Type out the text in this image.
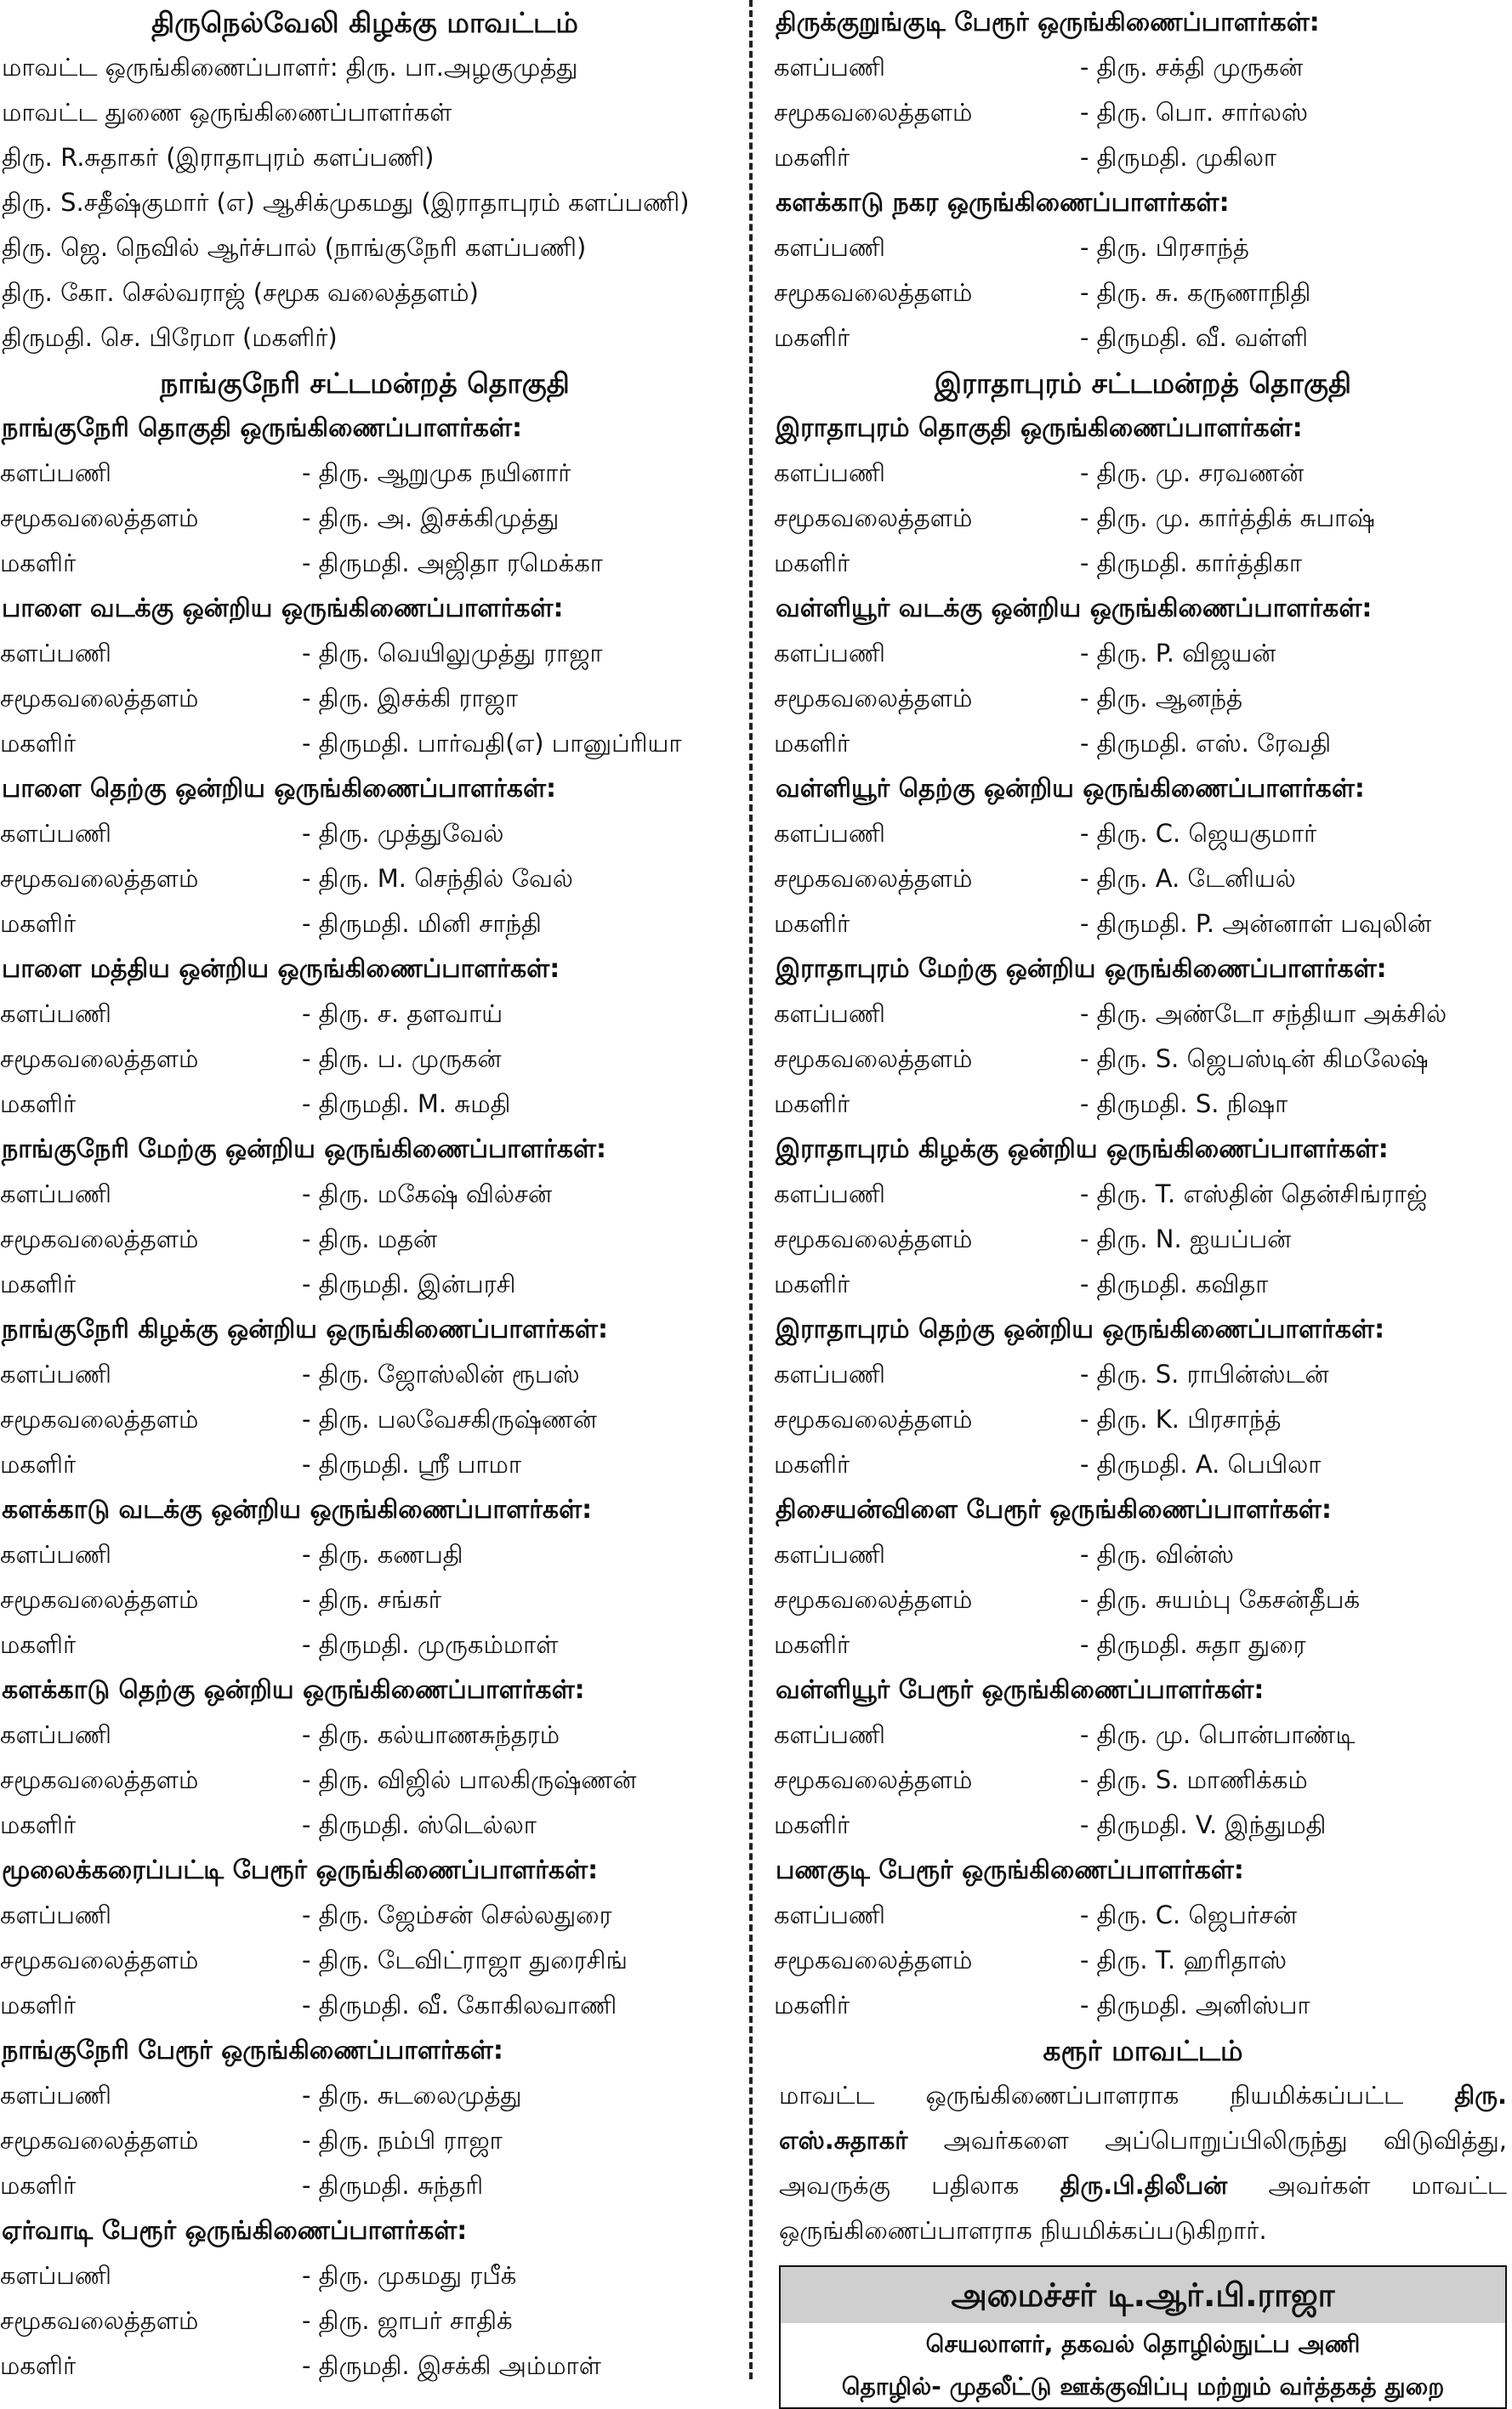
திருநெல்வேலி கிழக்கு மாவட்டம்
மாவட்ட ஒருங்கிணைப்பாளர்: திரு. பா.அழகுமுத்து
மாவட்ட துணை ஒருங்கிணைப்பாளர்கள்
திரு. R.சுதாகர் (இராதாபுரம் களப்பணி)
திரு. S.சதீஷ்குமார் (எ) ஆசிக்முகமது (இராதாபுரம் களப்பணி)
திரு. ஜெ. நெவில் ஆர்ச்பால் (நாங்குநேரி களப்பணி)
திரு. கோ. செல்வராஜ் (சமூக வலைத்தளம்)
திருமதி. செ. பிரேமா (மகளிர்)
நாங்குநேரி சட்டமன்றத் தொகுதி
நாங்குநேரி தொகுதி ஒருங்கிணைப்பாளர்கள்:
களப்பணி	- திரு. ஆறுமுக நயினார்
சமூகவலைத்தளம்	- திரு. அ. இசக்கிமுத்து
மகளிர்	- திருமதி. அஜிதா ரமெக்கா
பாளை வடக்கு ஒன்றிய ஒருங்கிணைப்பாளர்கள்:
களப்பணி	- திரு. வெயிலுமுத்து ராஜா
சமூகவலைத்தளம்	- திரு. இசக்கி ராஜா
மகளிர்	- திருமதி. பார்வதி(எ) பானுப்ரியா
பாளை தெற்கு ஒன்றிய ஒருங்கிணைப்பாளர்கள்:
களப்பணி	- திரு. முத்துவேல்
சமூகவலைத்தளம்	- திரு. M. செந்தில் வேல்
மகளிர்	- திருமதி. மினி சாந்தி
பாளை மத்திய ஒன்றிய ஒருங்கிணைப்பாளர்கள்:
களப்பணி	- திரு. ச. தளவாய்
சமூகவலைத்தளம்	- திரு. ப. முருகன்
மகளிர்	- திருமதி. M. சுமதி
நாங்குநேரி மேற்கு ஒன்றிய ஒருங்கிணைப்பாளர்கள்:
களப்பணி	- திரு. மகேஷ் வில்சன்
சமூகவலைத்தளம்	- திரு. மதன்
மகளிர்	- திருமதி. இன்பரசி
நாங்குநேரி கிழக்கு ஒன்றிய ஒருங்கிணைப்பாளர்கள்:
களப்பணி	- திரு. ஜோஸ்லின் ரூபஸ்
சமூகவலைத்தளம்	- திரு. பலவேசகிருஷ்ணன்
மகளிர்	- திருமதி. ஸ்ரீ பாமா
களக்காடு வடக்கு ஒன்றிய ஒருங்கிணைப்பாளர்கள்:
களப்பணி	- திரு. கணபதி
சமூகவலைத்தளம்	- திரு. சங்கர்
மகளிர்	- திருமதி. முருகம்மாள்
களக்காடு தெற்கு ஒன்றிய ஒருங்கிணைப்பாளர்கள்:
களப்பணி	- திரு. கல்யாணசுந்தரம்
சமூகவலைத்தளம்	- திரு. விஜில் பாலகிருஷ்ணன்
மகளிர்	- திருமதி. ஸ்டெல்லா
மூலைக்கரைப்பட்டி பேரூர் ஒருங்கிணைப்பாளர்கள்:
களப்பணி	- திரு. ஜேம்சன் செல்லதுரை
சமூகவலைத்தளம்	- திரு. டேவிட்ராஜா துரைசிங்
மகளிர்	- திருமதி. வீ. கோகிலவாணி
நாங்குநேரி பேரூர் ஒருங்கிணைப்பாளர்கள்:
களப்பணி	- திரு. சுடலைமுத்து
சமூகவலைத்தளம்	- திரு. நம்பி ராஜா
மகளிர்	- திருமதி. சுந்தரி
ஏர்வாடி பேரூர் ஒருங்கிணைப்பாளர்கள்:
களப்பணி	- திரு. முகமது ரபீக்
சமூகவலைத்தளம்	- திரு. ஜாபர் சாதிக்
மகளிர்	- திருமதி. இசக்கி அம்மாள்
திருக்குறுங்குடி பேரூர் ஒருங்கிணைப்பாளர்கள்:
களப்பணி	- திரு. சக்தி முருகன்
சமூகவலைத்தளம்	- திரு. பொ. சார்லஸ்
மகளிர்	- திருமதி. முகிலா
களக்காடு நகர ஒருங்கிணைப்பாளர்கள்:
களப்பணி	- திரு. பிரசாந்த்
சமூகவலைத்தளம்	- திரு. சு. கருணாநிதி
மகளிர்	- திருமதி. வீ. வள்ளி
இராதாபுரம் சட்டமன்றத் தொகுதி
இராதாபுரம் தொகுதி ஒருங்கிணைப்பாளர்கள்:
களப்பணி	- திரு. மு. சரவணன்
சமூகவலைத்தளம்	- திரு. மு. கார்த்திக் சுபாஷ்
மகளிர்	- திருமதி. கார்த்திகா
வள்ளியூர் வடக்கு ஒன்றிய ஒருங்கிணைப்பாளர்கள்:
களப்பணி	- திரு. P. விஜயன்
சமூகவலைத்தளம்	- திரு. ஆனந்த்
மகளிர்	- திருமதி. எஸ். ரேவதி
வள்ளியூர் தெற்கு ஒன்றிய ஒருங்கிணைப்பாளர்கள்:
களப்பணி	- திரு. C. ஜெயகுமார்
சமூகவலைத்தளம்	- திரு. A. டேனியல்
மகளிர்	- திருமதி. P. அன்னாள் பவுலின்
இராதாபுரம் மேற்கு ஒன்றிய ஒருங்கிணைப்பாளர்கள்:
களப்பணி	- திரு. அண்டோ சந்தியா அக்சில்
சமூகவலைத்தளம்	- திரு. S. ஜெபஸ்டின் கிமலேஷ்
மகளிர்	- திருமதி. S. நிஷா
இராதாபுரம் கிழக்கு ஒன்றிய ஒருங்கிணைப்பாளர்கள்:
களப்பணி	- திரு. T. எஸ்தின் தென்சிங்ராஜ்
சமூகவலைத்தளம்	- திரு. N. ஐயப்பன்
மகளிர்	- திருமதி. கவிதா
இராதாபுரம் தெற்கு ஒன்றிய ஒருங்கிணைப்பாளர்கள்:
களப்பணி	- திரு. S. ராபின்ஸ்டன்
சமூகவலைத்தளம்	- திரு. K. பிரசாந்த்
மகளிர்	- திருமதி. A. பெபிலா
திசையன்விளை பேரூர் ஒருங்கிணைப்பாளர்கள்:
களப்பணி	- திரு. வின்ஸ்
சமூகவலைத்தளம்	- திரு. சுயம்பு கேசன்தீபக்
மகளிர்	- திருமதி. சுதா துரை
வள்ளியூர் பேரூர் ஒருங்கிணைப்பாளர்கள்:
களப்பணி	- திரு. மு. பொன்பாண்டி
சமூகவலைத்தளம்	- திரு. S. மாணிக்கம்
மகளிர்	- திருமதி. V. இந்துமதி
பணகுடி பேரூர் ஒருங்கிணைப்பாளர்கள்:
களப்பணி	- திரு. C. ஜெபர்சன்
சமூகவலைத்தளம்	- திரு. T. ஹரிதாஸ்
மகளிர்	- திருமதி. அனிஸ்பா
கரூர் மாவட்டம்
மாவட்ட ஒருங்கிணைப்பாளராக நியமிக்கப்பட்ட திரு. எஸ்.சுதாகர் அவர்களை அப்பொறுப்பிலிருந்து விடுவித்து, அவருக்கு பதிலாக திரு.பி.திலீபன் அவர்கள் மாவட்ட ஒருங்கிணைப்பாளராக நியமிக்கப்படுகிறார்.
அமைச்சர் டி.ஆர்.பி.ராஜா
செயலாளர், தகவல் தொழில்நுட்ப அணி
தொழில்- முதலீட்டு ஊக்குவிப்பு மற்றும் வர்த்தகத் துறை
